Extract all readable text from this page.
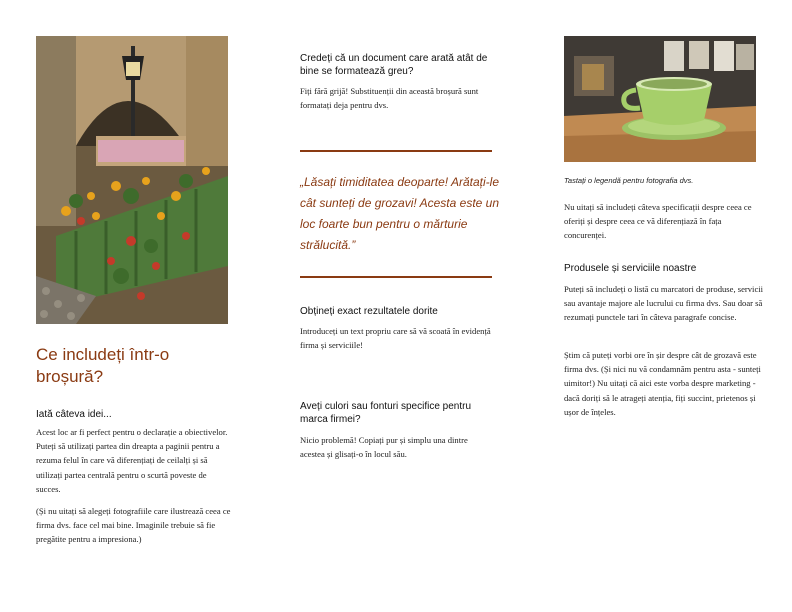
Ce includeți într-o broșură?
Iată câteva idei...
Acest loc ar fi perfect pentru o declarație a obiectivelor. Puteți să utilizați partea din dreapta a paginii pentru a rezuma felul în care vă diferențiați de ceilalți și să utilizați partea centrală pentru o scurtă poveste de succes.
(Și nu uitați să alegeți fotografiile care ilustrează ceea ce firma dvs. face cel mai bine. Imaginile trebuie să fie pregătite pentru a impresiona.)
Credeți că un document care arată atât de bine se formatează greu?
Fiți fără grijă! Substituenții din această broșură sunt formatați deja pentru dvs.
„Lăsați timiditatea deoparte! Arătați-le cât sunteți de grozavi! Acesta este un loc foarte bun pentru o mărturie strălucită.”
Obțineți exact rezultatele dorite
Introduceți un text propriu care să vă scoată în evidență firma și serviciile!
Aveți culori sau fonturi specifice pentru marca firmei?
Nicio problemă! Copiați pur și simplu una dintre acestea și glisați-o în locul său.
Tastați o legendă pentru fotografia dvs.
Nu uitați să includeți câteva specificații despre ceea ce oferiți și despre ceea ce vă diferențiază în fața concurenței.
Produsele și serviciile noastre
Puteți să includeți o listă cu marcatori de produse, servicii sau avantaje majore ale lucrului cu firma dvs. Sau doar să rezumați punctele tari în câteva paragrafe concise.
Știm că puteți vorbi ore în șir despre cât de grozavă este firma dvs. (Și nici nu vă condamnăm pentru asta - sunteți uimitor!) Nu uitați că aici este vorba despre marketing - dacă doriți să le atrageți atenția, fiți succint, prietenos și ușor de înțeles.
